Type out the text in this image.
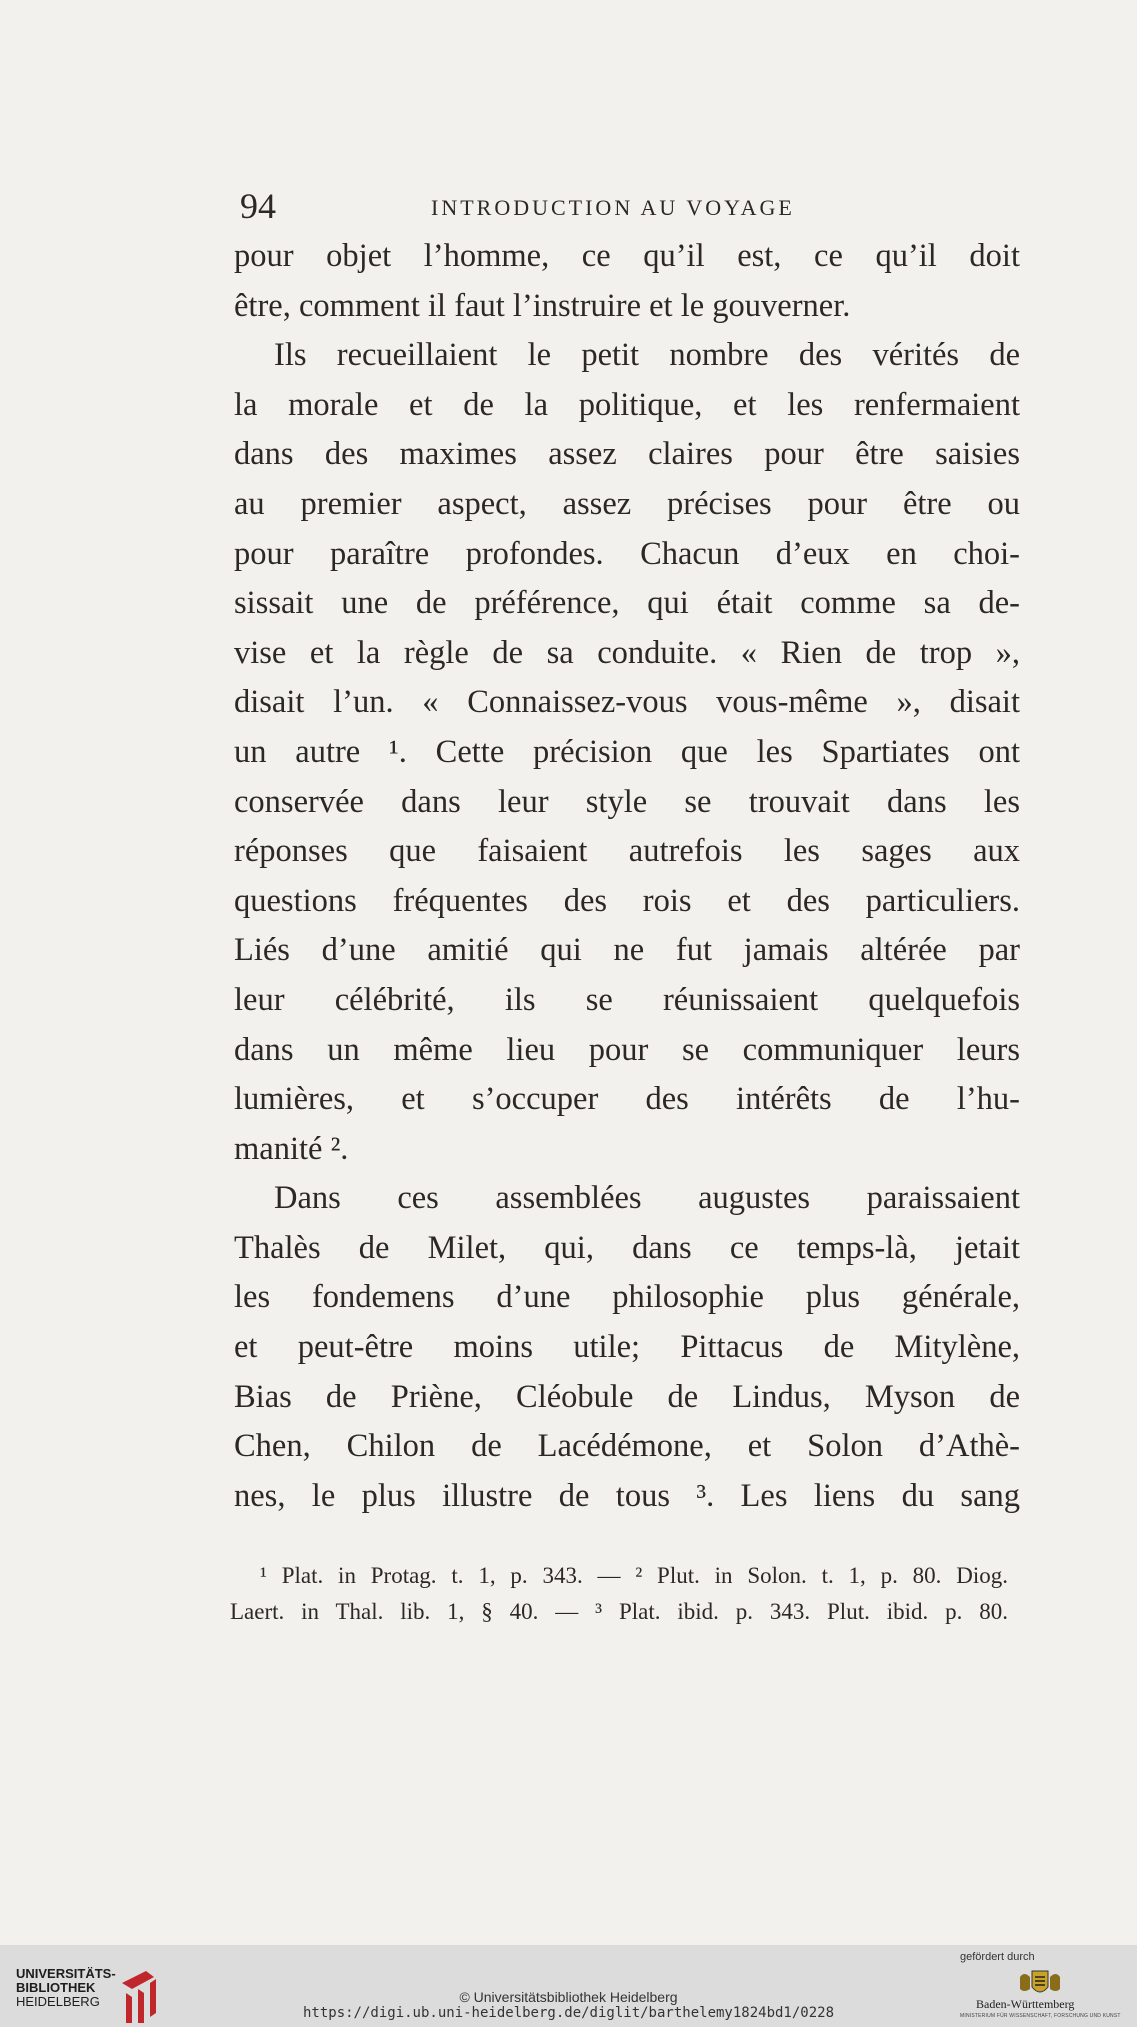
94	INTRODUCTION AU VOYAGE
pour objet l’homme, ce qu’il est, ce qu’il doit
être, comment il faut l’instruire et le gouverner.
Ils recueillaient le petit nombre des vérités de
la morale et de la politique, et les renfermaient
dans des maximes assez claires pour être saisies
au premier aspect, assez précises pour être ou
pour paraître profondes. Chacun d’eux en choi-
sissait une de préférence, qui était comme sa de-
vise et la règle de sa conduite. « Rien de trop »,
disait l’un. « Connaissez-vous vous-même », disait
un autre ¹. Cette précision que les Spartiates ont
conservée dans leur style se trouvait dans les
réponses que faisaient autrefois les sages aux
questions fréquentes des rois et des particuliers.
Liés d’une amitié qui ne fut jamais altérée par
leur célébrité, ils se réunissaient quelquefois
dans un même lieu pour se communiquer leurs
lumières, et s’occuper des intérêts de l’hu-
manité ².
Dans ces assemblées augustes paraissaient
Thalès de Milet, qui, dans ce temps-là, jetait
les fondemens d’une philosophie plus générale,
et peut-être moins utile; Pittacus de Mitylène,
Bias de Priène, Cléobule de Lindus, Myson de
Chen, Chilon de Lacédémone, et Solon d’Athè-
nes, le plus illustre de tous ³. Les liens du sang
¹ Plat. in Protag. t. 1, p. 343. — ² Plut. in Solon. t. 1, p. 80. Diog.
Laert. in Thal. lib. 1, § 40. — ³ Plat. ibid. p. 343. Plut. ibid. p. 80.
UNIVERSITÄTS-
BIBLIOTHEK
HEIDELBERG	© Universitätsbibliothek Heidelberg
https://digi.ub.uni-heidelberg.de/diglit/barthelemy1824bd1/0228
gefördert durch
Baden-Württemberg
MINISTERIUM FÜR WISSENSCHAFT, FORSCHUNG UND KUNST
